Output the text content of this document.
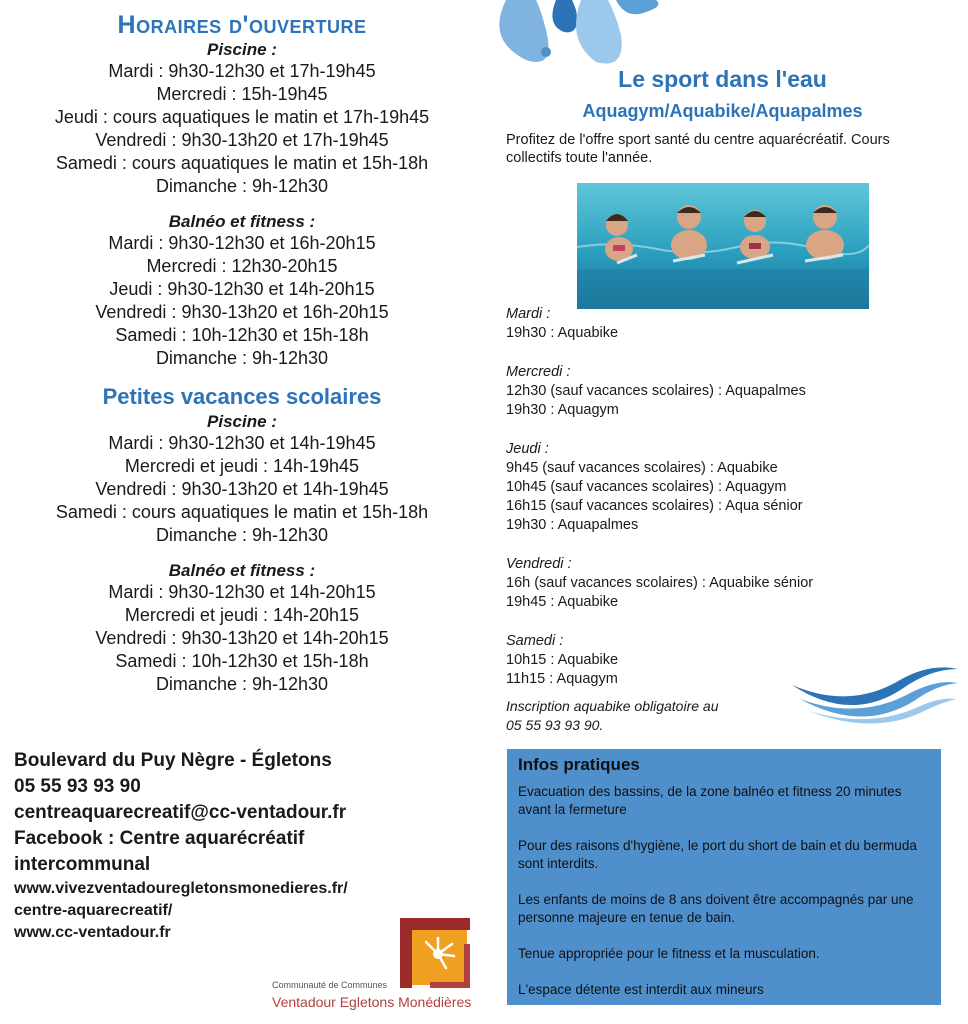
Horaires d'ouverture

Piscine :

Mardi : 9h30-12h30 et 17h-19h45

Mercredi : 15h-19h45

Jeudi : cours aquatiques le matin et 17h-19h45

Vendredi : 9h30-13h20 et 17h-19h45

Samedi : cours aquatiques le matin et 15h-18h

Dimanche : 9h-12h30

Balnéo et fitness :

Mardi : 9h30-12h30 et 16h-20h15

Mercredi : 12h30-20h15

Jeudi : 9h30-12h30 et 14h-20h15

Vendredi : 9h30-13h20 et 16h-20h15

Samedi : 10h-12h30 et 15h-18h

Dimanche : 9h-12h30

Petites vacances scolaires

Piscine :

Mardi : 9h30-12h30 et 14h-19h45

Mercredi et jeudi : 14h-19h45

Vendredi : 9h30-13h20 et 14h-19h45

Samedi : cours aquatiques le matin et 15h-18h

Dimanche : 9h-12h30

Balnéo et fitness :

Mardi : 9h30-12h30 et 14h-20h15

Mercredi et jeudi : 14h-20h15

Vendredi : 9h30-13h20 et 14h-20h15

Samedi : 10h-12h30 et 15h-18h

Dimanche : 9h-12h30

Boulevard du Puy Nègre - Égletons

05 55 93 93 90

centreaquarecreatif@cc-ventadour.fr

Facebook : Centre aquarécréatif

intercommunal

www.vivezventadouregletonsmonedieres.fr/

centre-aquarecreatif/

www.cc-ventadour.fr

Communauté de Communes
Ventadour Egletons Monédières
Le sport dans l'eau
Aquagym/Aquabike/Aquapalmes

Profitez de l'offre sport santé du centre aquarécréatif. Cours collectifs toute l'année.

Mardi :

19h30 : Aquabike

Mercredi :

12h30 (sauf vacances scolaires) : Aquapalmes

19h30 : Aquagym

Jeudi :

9h45 (sauf vacances scolaires) : Aquabike

10h45 (sauf vacances scolaires) : Aquagym

16h15 (sauf vacances scolaires) : Aqua sénior

19h30 : Aquapalmes

Vendredi :

16h (sauf vacances scolaires) : Aquabike sénior

19h45 : Aquabike

Samedi :

10h15 : Aquabike

11h15 : Aquagym

Inscription aquabike obligatoire au
05 55 93 93 90.

Infos pratiques

Evacuation des bassins, de la zone balnéo et fitness 20 minutes avant la fermeture

Pour des raisons d'hygiène, le port du short de bain et du bermuda sont interdits.

Les enfants de moins de 8 ans doivent être accompagnés par une personne majeure en tenue de bain.

Tenue appropriée pour le fitness et la musculation.

L'espace détente est interdit aux mineurs
